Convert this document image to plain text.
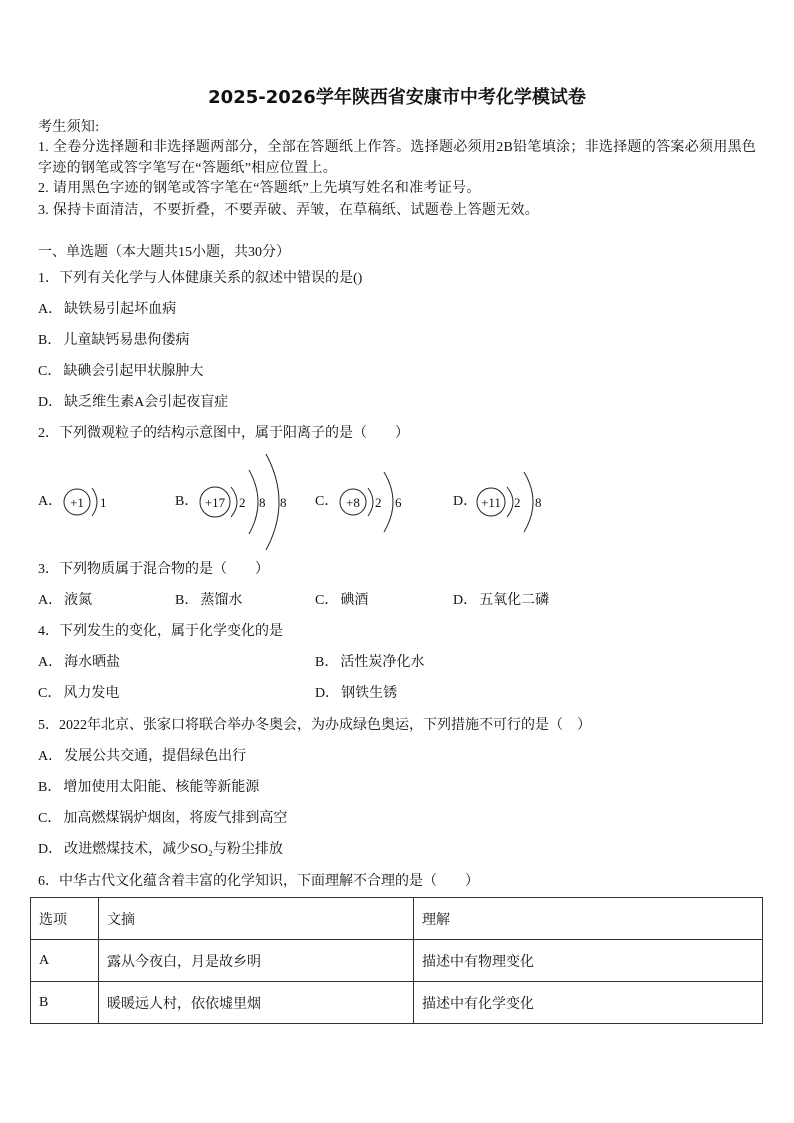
2025-2026学年陕西省安康市中考化学模试卷
考生须知:
1. 全卷分选择题和非选择题两部分，全部在答题纸上作答。选择题必须用2B铅笔填涂；非选择题的答案必须用黑色
字迹的钢笔或答字笔写在“答题纸”相应位置上。
2. 请用黑色字迹的钢笔或答字笔在“答题纸”上先填写姓名和准考证号。
3. 保持卡面清洁，不要折叠，不要弄破、弄皱，在草稿纸、试题卷上答题无效。
一、单选题（本大题共15小题，共30分）
1．下列有关化学与人体健康关系的叙述中错误的是()
A． 缺铁易引起坏血病
B． 儿童缺钙易患佝偻病
C． 缺碘会引起甲状腺肿大
D． 缺乏维生素A会引起夜盲症
2．下列微观粒子的结构示意图中，属于阳离子的是（　　）
A．	B．	C．	D．
+1 1	+17 2 8 8	+8 2 6	+11 2 8
3．下列物质属于混合物的是（　　）
A． 液氮	B． 蒸馏水	C． 碘酒	D． 五氧化二磷
4．下列发生的变化，属于化学变化的是
A． 海水晒盐	B． 活性炭净化水
C． 风力发电	D． 钢铁生锈
5．2022年北京、张家口将联合举办冬奥会，为办成绿色奥运，下列措施不可行的是（　）
A． 发展公共交通，提倡绿色出行
B． 增加使用太阳能、核能等新能源
C． 加高燃煤锅炉烟囱，将废气排到高空
D． 改进燃煤技术，减少SO₂与粉尘排放
6．中华古代文化蕴含着丰富的化学知识，下面理解不合理的是（　　）
选项	文摘	理解
A	露从今夜白，月是故乡明	描述中有物理变化
B	暖暖远人村，依依墟里烟	描述中有化学变化
